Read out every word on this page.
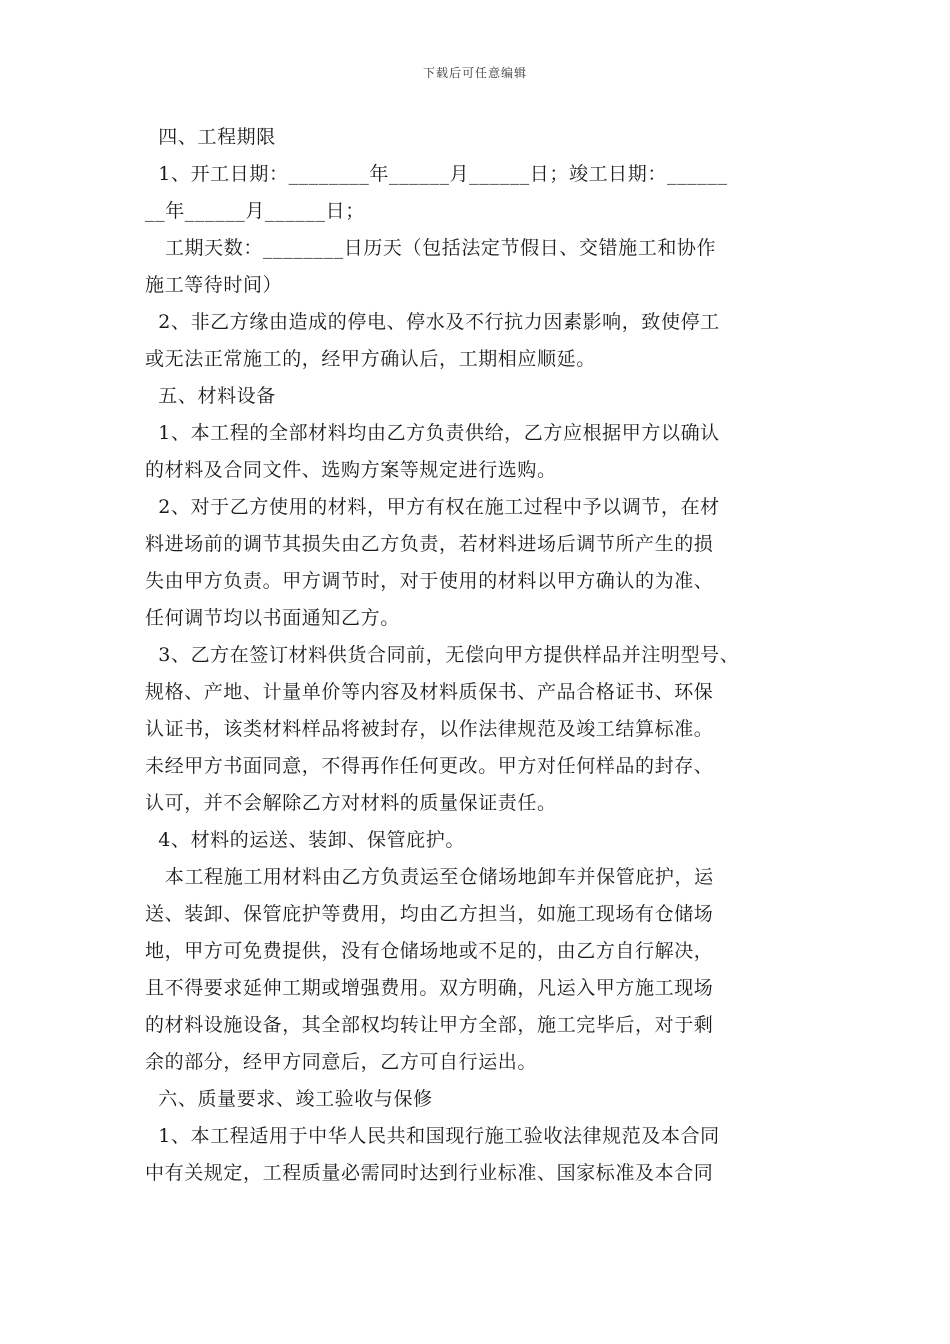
下载后可任意编辑
四、工程期限
1、开工日期：________年______月______日；竣工日期：______
__年______月______日；
工期天数：________日历天（包括法定节假日、交错施工和协作
施工等待时间）
2、非乙方缘由造成的停电、停水及不行抗力因素影响，致使停工
或无法正常施工的，经甲方确认后，工期相应顺延。
五、材料设备
1、本工程的全部材料均由乙方负责供给，乙方应根据甲方以确认
的材料及合同文件、选购方案等规定进行选购。
2、对于乙方使用的材料，甲方有权在施工过程中予以调节，在材
料进场前的调节其损失由乙方负责，若材料进场后调节所产生的损
失由甲方负责。甲方调节时，对于使用的材料以甲方确认的为准、
任何调节均以书面通知乙方。
3、乙方在签订材料供货合同前，无偿向甲方提供样品并注明型号、
规格、产地、计量单价等内容及材料质保书、产品合格证书、环保
认证书，该类材料样品将被封存，以作法律规范及竣工结算标准。
未经甲方书面同意，不得再作任何更改。甲方对任何样品的封存、
认可，并不会解除乙方对材料的质量保证责任。
4、材料的运送、装卸、保管庇护。
本工程施工用材料由乙方负责运至仓储场地卸车并保管庇护，运
送、装卸、保管庇护等费用，均由乙方担当，如施工现场有仓储场
地，甲方可免费提供，没有仓储场地或不足的，由乙方自行解决，
且不得要求延伸工期或增强费用。双方明确，凡运入甲方施工现场
的材料设施设备，其全部权均转让甲方全部，施工完毕后，对于剩
余的部分，经甲方同意后，乙方可自行运出。
六、质量要求、竣工验收与保修
1、本工程适用于中华人民共和国现行施工验收法律规范及本合同
中有关规定，工程质量必需同时达到行业标准、国家标准及本合同
